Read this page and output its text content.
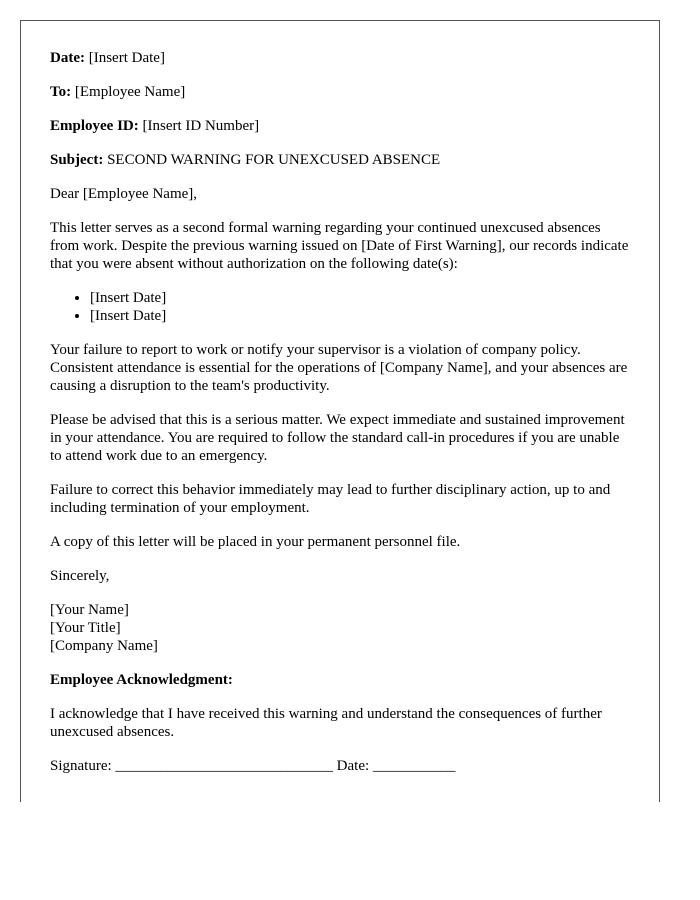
Date: [Insert Date]

To: [Employee Name]

Employee ID: [Insert ID Number]

Subject: SECOND WARNING FOR UNEXCUSED ABSENCE

Dear [Employee Name],

This letter serves as a second formal warning regarding your continued unexcused absences from work. Despite the previous warning issued on [Date of First Warning], our records indicate that you were absent without authorization on the following date(s):

• [Insert Date]
• [Insert Date]

Your failure to report to work or notify your supervisor is a violation of company policy. Consistent attendance is essential for the operations of [Company Name], and your absences are causing a disruption to the team's productivity.

Please be advised that this is a serious matter. We expect immediate and sustained improvement in your attendance. You are required to follow the standard call-in procedures if you are unable to attend work due to an emergency.

Failure to correct this behavior immediately may lead to further disciplinary action, up to and including termination of your employment.

A copy of this letter will be placed in your permanent personnel file.

Sincerely,

[Your Name]
[Your Title]
[Company Name]

Employee Acknowledgment:

I acknowledge that I have received this warning and understand the consequences of further unexcused absences.

Signature: _____________________________ Date: ___________
